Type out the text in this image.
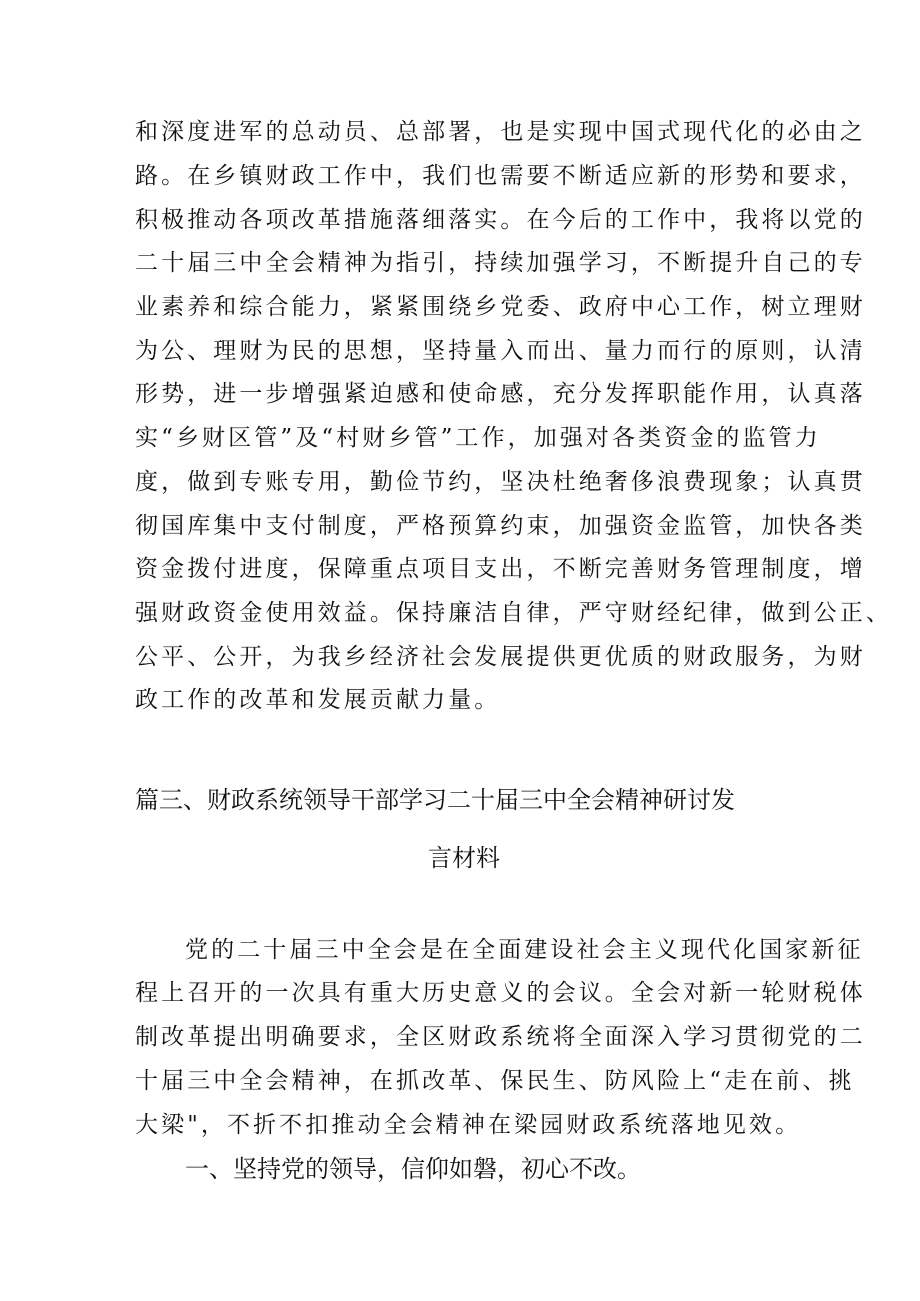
和深度进军的总动员、总部署，也是实现中国式现代化的必由之
路。在乡镇财政工作中，我们也需要不断适应新的形势和要求，
积极推动各项改革措施落细落实。在今后的工作中，我将以党的
二十届三中全会精神为指引，持续加强学习，不断提升自己的专
业素养和综合能力，紧紧围绕乡党委、政府中心工作，树立理财
为公、理财为民的思想，坚持量入而出、量力而行的原则，认清
形势，进一步增强紧迫感和使命感，充分发挥职能作用，认真落
实“乡财区管”及“村财乡管”工作，加强对各类资金的监管力
度，做到专账专用，勤俭节约，坚决杜绝奢侈浪费现象；认真贯
彻国库集中支付制度，严格预算约束，加强资金监管，加快各类
资金拨付进度，保障重点项目支出，不断完善财务管理制度，增
强财政资金使用效益。保持廉洁自律，严守财经纪律，做到公正、
公平、公开，为我乡经济社会发展提供更优质的财政服务，为财
政工作的改革和发展贡献力量。
篇三、财政系统领导干部学习二十届三中全会精神研讨发
言材料
党的二十届三中全会是在全面建设社会主义现代化国家新征
程上召开的一次具有重大历史意义的会议。全会对新一轮财税体
制改革提出明确要求，全区财政系统将全面深入学习贯彻党的二
十届三中全会精神，在抓改革、保民生、防风险上“走在前、挑
大梁"，不折不扣推动全会精神在梁园财政系统落地见效。
一、坚持党的领导，信仰如磐，初心不改。
